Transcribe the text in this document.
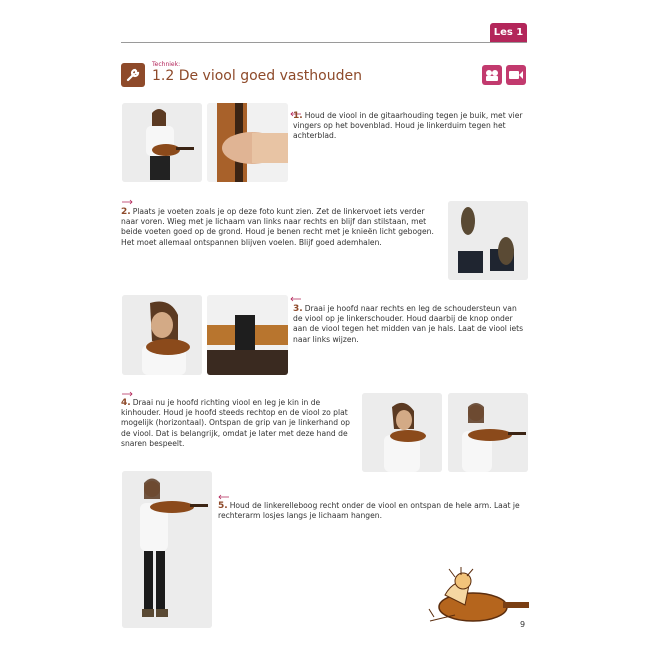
Les 1
Techniek:
1.2 De viool goed vasthouden
1. Houd de viool in de gitaarhouding tegen je buik, met vier vingers op het bovenblad. Houd je linkerduim tegen het achterblad.
2. Plaats je voeten zoals je op deze foto kunt zien. Zet de linkervoet iets verder naar voren. Wieg met je lichaam van links naar rechts en blijf dan stilstaan, met beide voeten goed op de grond. Houd je benen recht met je knieën licht gebogen. Het moet allemaal ontspannen blijven voelen. Blijf goed ademhalen.
3. Draai je hoofd naar rechts en leg de schoudersteun van de viool op je linkerschouder. Houd daarbij de knop onder aan de viool tegen het midden van je hals. Laat de viool iets naar links wijzen.
4. Draai nu je hoofd richting viool en leg je kin in de kinhouder. Houd je hoofd steeds rechtop en de viool zo plat mogelijk (horizontaal). Ontspan de grip van je linkerhand op de viool. Dat is belangrijk, omdat je later met deze hand de snaren bespeelt.
5. Houd de linkerelleboog recht onder de viool en ontspan de hele arm. Laat je rechterarm losjes langs je lichaam hangen.
9
